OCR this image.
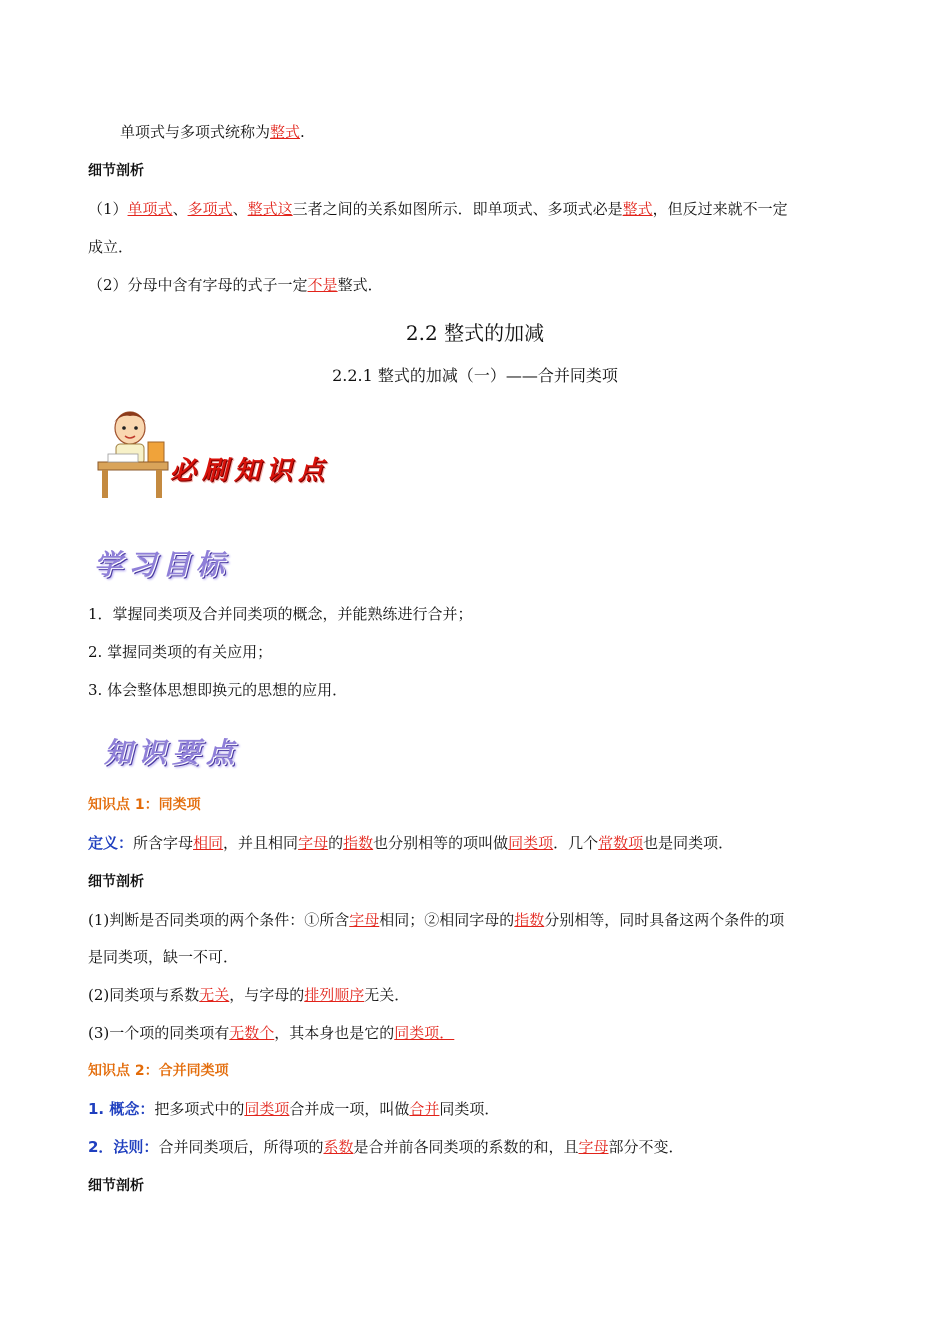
单项式与多项式统称为整式.
细节剖析
（1）单项式、多项式、整式这三者之间的关系如图所示．即单项式、多项式必是整式，但反过来就不一定
成立．
（2）分母中含有字母的式子一定不是整式．
2.2 整式的加减
2.2.1 整式的加减（一）——合并同类项
必刷知识点
学习目标
1．掌握同类项及合并同类项的概念，并能熟练进行合并；
2. 掌握同类项的有关应用；
3. 体会整体思想即换元的思想的应用．
知识要点
知识点 1：同类项
定义：所含字母相同，并且相同字母的指数也分别相等的项叫做同类项．几个常数项也是同类项．
细节剖析
(1)判断是否同类项的两个条件：①所含字母相同；②相同字母的指数分别相等，同时具备这两个条件的项
是同类项，缺一不可．
(2)同类项与系数无关，与字母的排列顺序无关．
(3)一个项的同类项有无数个，其本身也是它的同类项．
知识点 2：合并同类项
1. 概念：把多项式中的同类项合并成一项，叫做合并同类项．
2．法则：合并同类项后，所得项的系数是合并前各同类项的系数的和，且字母部分不变．
细节剖析
